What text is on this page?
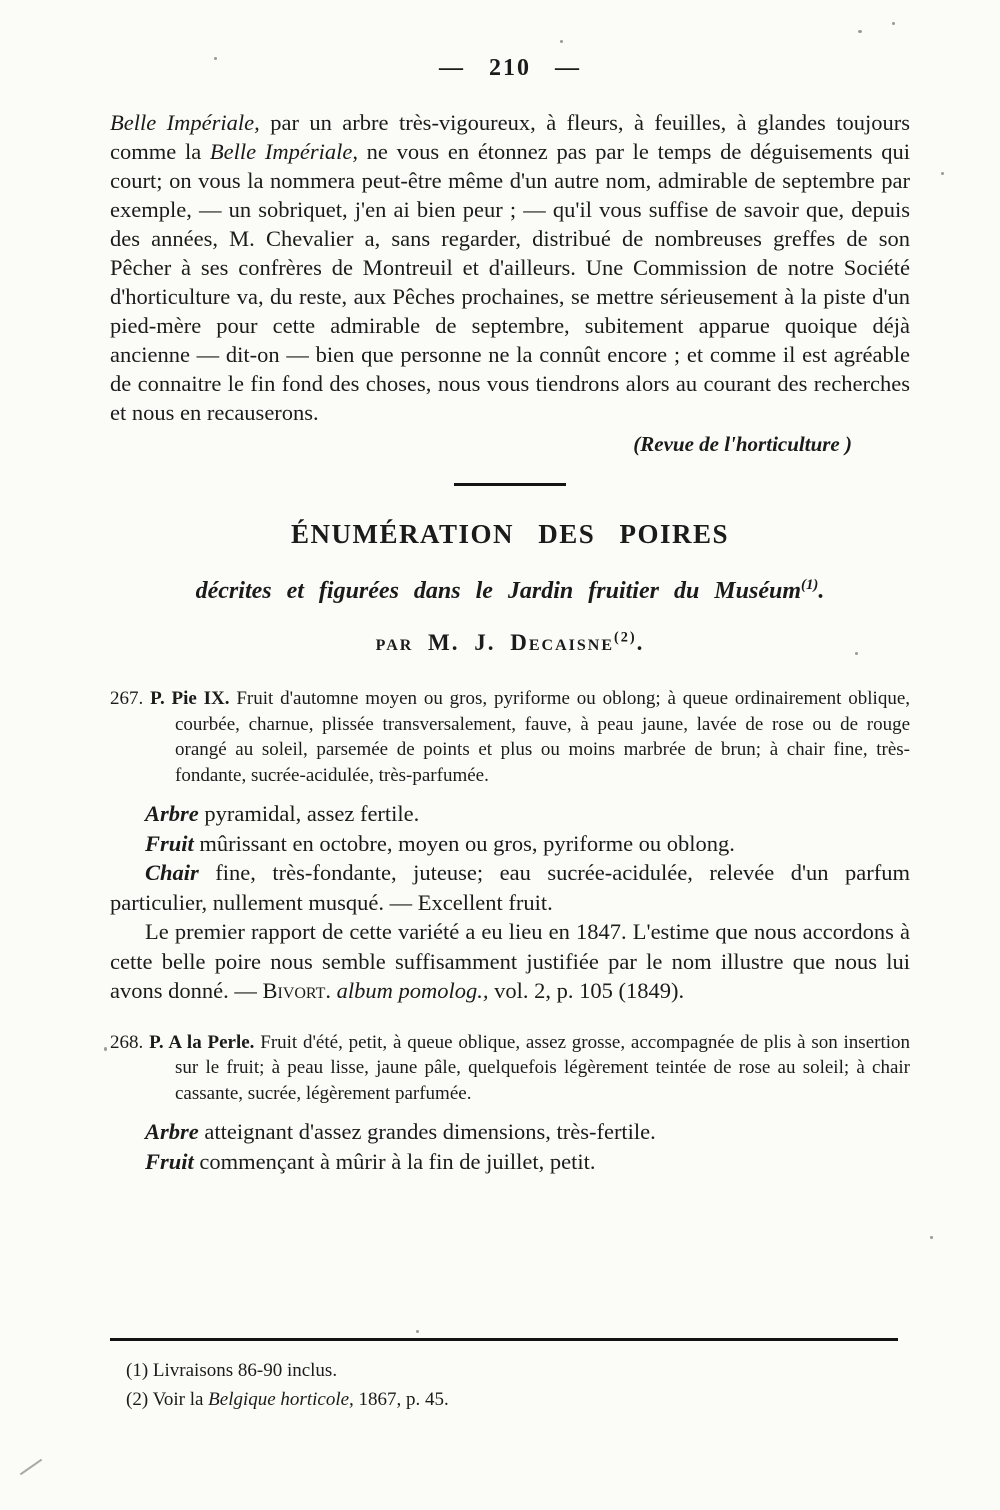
— 210 —

Belle Impériale, par un arbre très-vigoureux, à fleurs, à feuilles, à glandes toujours comme la Belle Impériale, ne vous en étonnez pas par le temps de déguisements qui court; on vous la nommera peut-être même d'un autre nom, admirable de septembre par exemple, — un sobriquet, j'en ai bien peur ; — qu'il vous suffise de savoir que, depuis des années, M. Chevalier a, sans regarder, distribué de nombreuses greffes de son Pêcher à ses confrères de Montreuil et d'ailleurs. Une Commission de notre Société d'horticulture va, du reste, aux Pêches prochaines, se mettre sérieusement à la piste d'un pied-mère pour cette admirable de septembre, subitement apparue quoique déjà ancienne — dit-on — bien que personne ne la connût encore ; et comme il est agréable de connaitre le fin fond des choses, nous vous tiendrons alors au courant des recherches et nous en recauserons.

(Revue de l'horticulture )

ÉNUMÉRATION DES POIRES

décrites et figurées dans le Jardin fruitier du Muséum$^{(1)}$.

par M. J. Decaisne$^{(2)}$.

267. P. Pie IX. Fruit d'automne moyen ou gros, pyriforme ou oblong; à queue ordinairement oblique, courbée, charnue, plissée transversalement, fauve, à peau jaune, lavée de rose ou de rouge orangé au soleil, parsemée de points et plus ou moins marbrée de brun; à chair fine, très-fondante, sucrée-acidulée, très-parfumée.

Arbre pyramidal, assez fertile.

Fruit mûrissant en octobre, moyen ou gros, pyriforme ou oblong.

Chair fine, très-fondante, juteuse; eau sucrée-acidulée, relevée d'un parfum particulier, nullement musqué. — Excellent fruit.

Le premier rapport de cette variété a eu lieu en 1847. L'estime que nous accordons à cette belle poire nous semble suffisamment justifiée par le nom illustre que nous lui avons donné. — Bivort. album pomolog., vol. 2, p. 105 (1849).

268. P. A la Perle. Fruit d'été, petit, à queue oblique, assez grosse, accompagnée de plis à son insertion sur le fruit; à peau lisse, jaune pâle, quelquefois légèrement teintée de rose au soleil; à chair cassante, sucrée, légèrement parfumée.

Arbre atteignant d'assez grandes dimensions, très-fertile.

Fruit commençant à mûrir à la fin de juillet, petit.

(1) Livraisons 86-90 inclus.

(2) Voir la Belgique horticole, 1867, p. 45.
